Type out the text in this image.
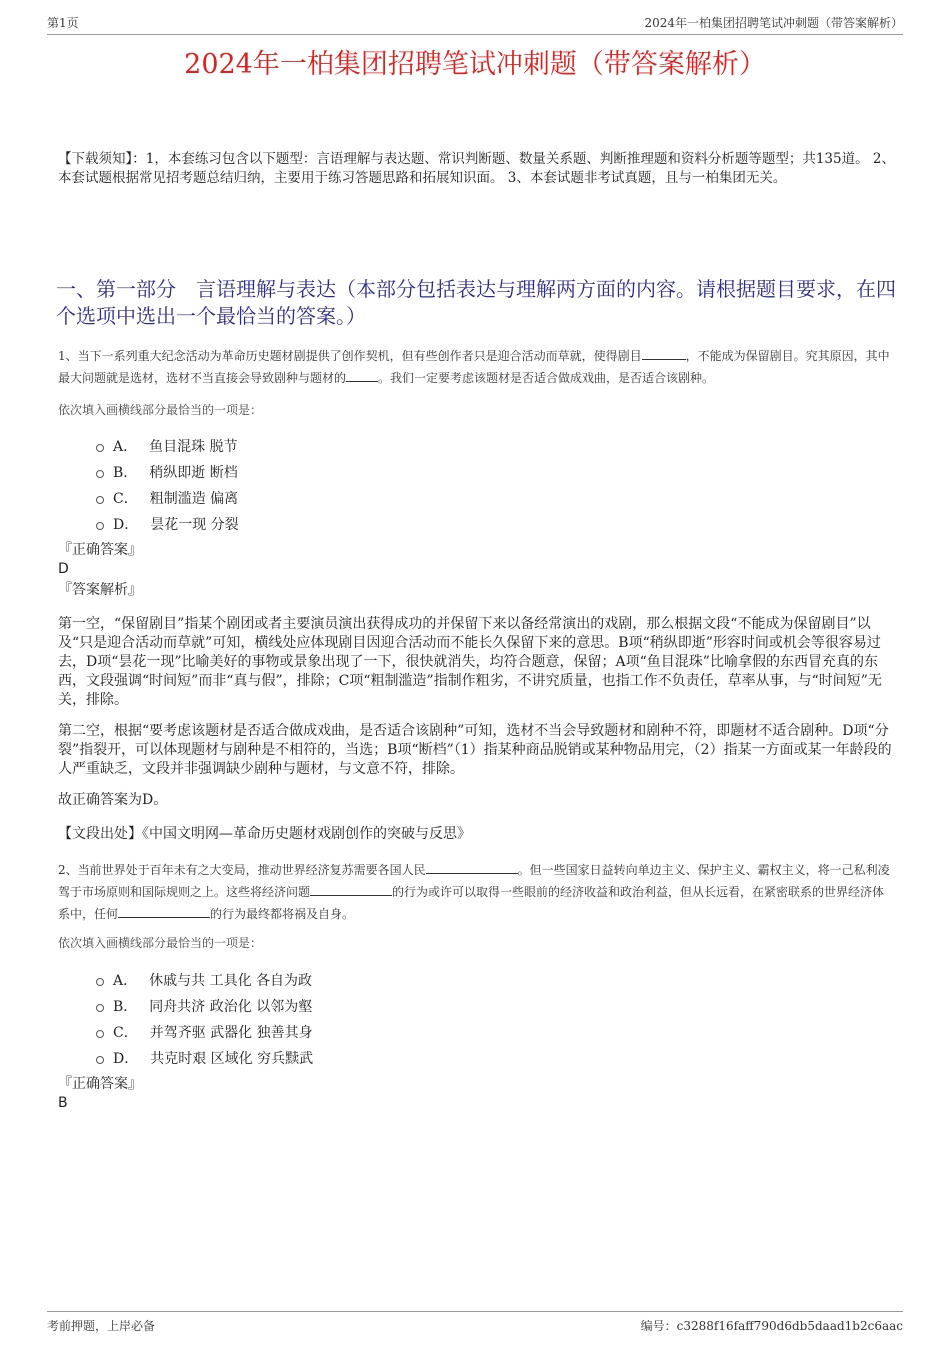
第1页	2024年一柏集团招聘笔试冲刺题（带答案解析）
2024年一柏集团招聘笔试冲刺题（带答案解析）
【下载须知】：1，本套练习包含以下题型：言语理解与表达题、常识判断题、数量关系题、判断推理题和资料分析题等题型；共135道。 2、本套试题根据常见招考题总结归纳，主要用于练习答题思路和拓展知识面。 3、本套试题非考试真题，且与一柏集团无关。
一、第一部分　言语理解与表达（本部分包括表达与理解两方面的内容。请根据题目要求，在四个选项中选出一个最恰当的答案。）
1、当下一系列重大纪念活动为革命历史题材剧提供了创作契机，但有些创作者只是迎合活动而草就，使得剧目	，不能成为保留剧目。究其原因，其中最大问题就是选材，选材不当直接会导致剧种与题材的	。我们一定要考虑该题材是否适合做成戏曲，是否适合该剧种。
依次填入画横线部分最恰当的一项是：
A． 鱼目混珠 脱节
B． 稍纵即逝 断档
C． 粗制滥造 偏离
D． 昙花一现 分裂
『正确答案』
D
『答案解析』

第一空，“保留剧目”指某个剧团或者主要演员演出获得成功的并保留下来以备经常演出的戏剧，那么根据文段“不能成为保留剧目”以及“只是迎合活动而草就”可知，横线处应体现剧目因迎合活动而不能长久保留下来的意思。B项“稍纵即逝”形容时间或机会等很容易过去，D项“昙花一现”比喻美好的事物或景象出现了一下，很快就消失，均符合题意，保留；A项“鱼目混珠”比喻拿假的东西冒充真的东西，文段强调“时间短”而非“真与假”，排除；C项“粗制滥造”指制作粗劣，不讲究质量，也指工作不负责任，草率从事，与“时间短”无关，排除。

第二空，根据“要考虑该题材是否适合做成戏曲，是否适合该剧种”可知，选材不当会导致题材和剧种不符，即题材不适合剧种。D项“分裂”指裂开，可以体现题材与剧种是不相符的，当选；B项“断档”（1）指某种商品脱销或某种物品用完，（2）指某一方面或某一年龄段的人严重缺乏，文段并非强调缺少剧种与题材，与文意不符，排除。

故正确答案为D。

【文段出处】《中国文明网—革命历史题材戏剧创作的突破与反思》

2、当前世界处于百年未有之大变局，推动世界经济复苏需要各国人民	。但一些国家日益转向单边主义、保护主义、霸权主义，将一己私利凌驾于市场原则和国际规则之上。这些将经济问题	的行为或许可以取得一些眼前的经济收益和政治利益，但从长远看，在紧密联系的世界经济体系中，任何	的行为最终都将祸及自身。
依次填入画横线部分最恰当的一项是：
A． 休戚与共 工具化 各自为政
B． 同舟共济 政治化 以邻为壑
C． 并驾齐驱 武器化 独善其身
D． 共克时艰 区域化 穷兵黩武
『正确答案』
B
考前押题，上岸必备	编号：c3288f16faff790d6db5daad1b2c6aac
